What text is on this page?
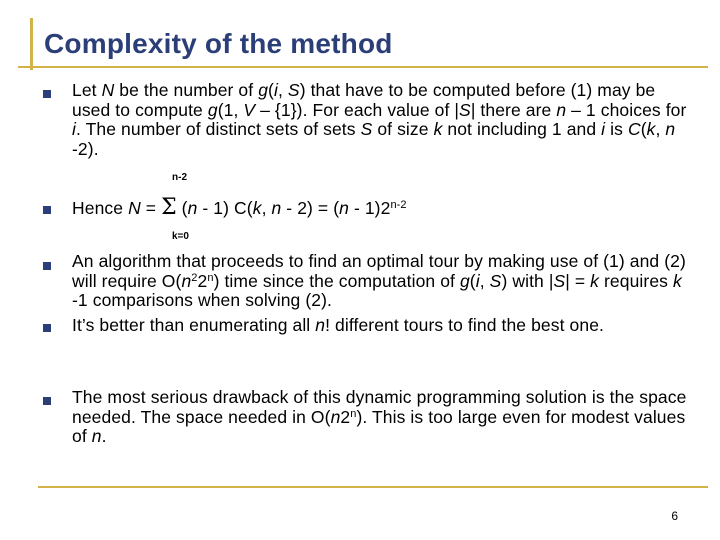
Complexity of the method
Let N be the number of g(i, S) that have to be computed before (1) may be used to compute g(1, V – {1}). For each value of |S| there are n – 1 choices for i. The number of distinct sets of sets S of size k not including 1 and i is C(k, n -2).
n-2
Hence N = Σ (n - 1) C(k, n - 2) = (n - 1)2$^{n-2}$
k=0
An algorithm that proceeds to find an optimal tour by making use of (1) and (2) will require $O(n^22^n)$ time since the computation of g(i, S) with |S| = k requires k -1 comparisons when solving (2).
It’s better than enumerating all n! different tours to find the best one.
The most serious drawback of this dynamic programming solution is the space needed. The space needed in O(n2$^n$). This is too large even for modest values of n.
6
